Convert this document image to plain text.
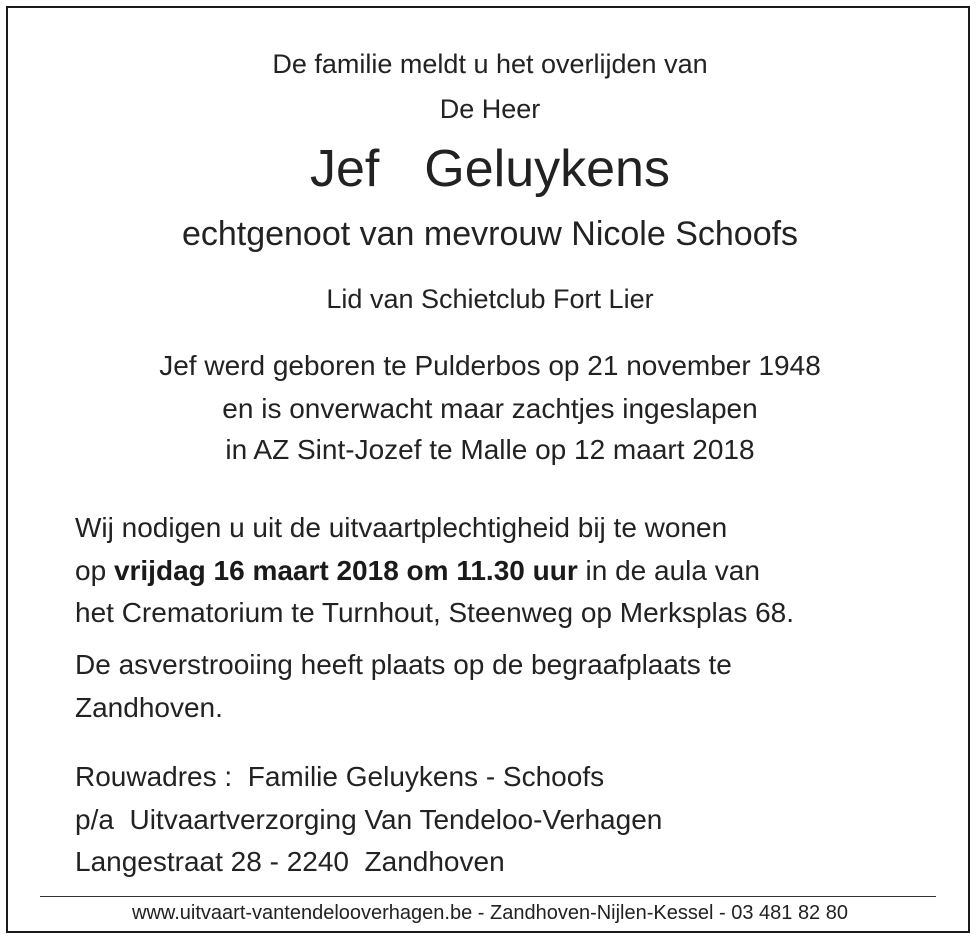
De familie meldt u het overlijden van
De Heer
Jef  Geluykens
echtgenoot van mevrouw Nicole Schoofs
Lid van Schietclub Fort Lier
Jef werd geboren te Pulderbos op 21 november 1948
en is onverwacht maar zachtjes ingeslapen
in AZ Sint-Jozef te Malle op 12 maart 2018
Wij nodigen u uit de uitvaartplechtigheid bij te wonen
op vrijdag 16 maart 2018 om 11.30 uur in de aula van
het Crematorium te Turnhout, Steenweg op Merksplas 68.
De asverstrooiing heeft plaats op de begraafplaats te
Zandhoven.
Rouwadres :  Familie Geluykens - Schoofs
p/a  Uitvaartverzorging Van Tendeloo-Verhagen
Langestraat 28 - 2240  Zandhoven
www.uitvaart-vantendelooverhagen.be - Zandhoven-Nijlen-Kessel - 03 481 82 80
